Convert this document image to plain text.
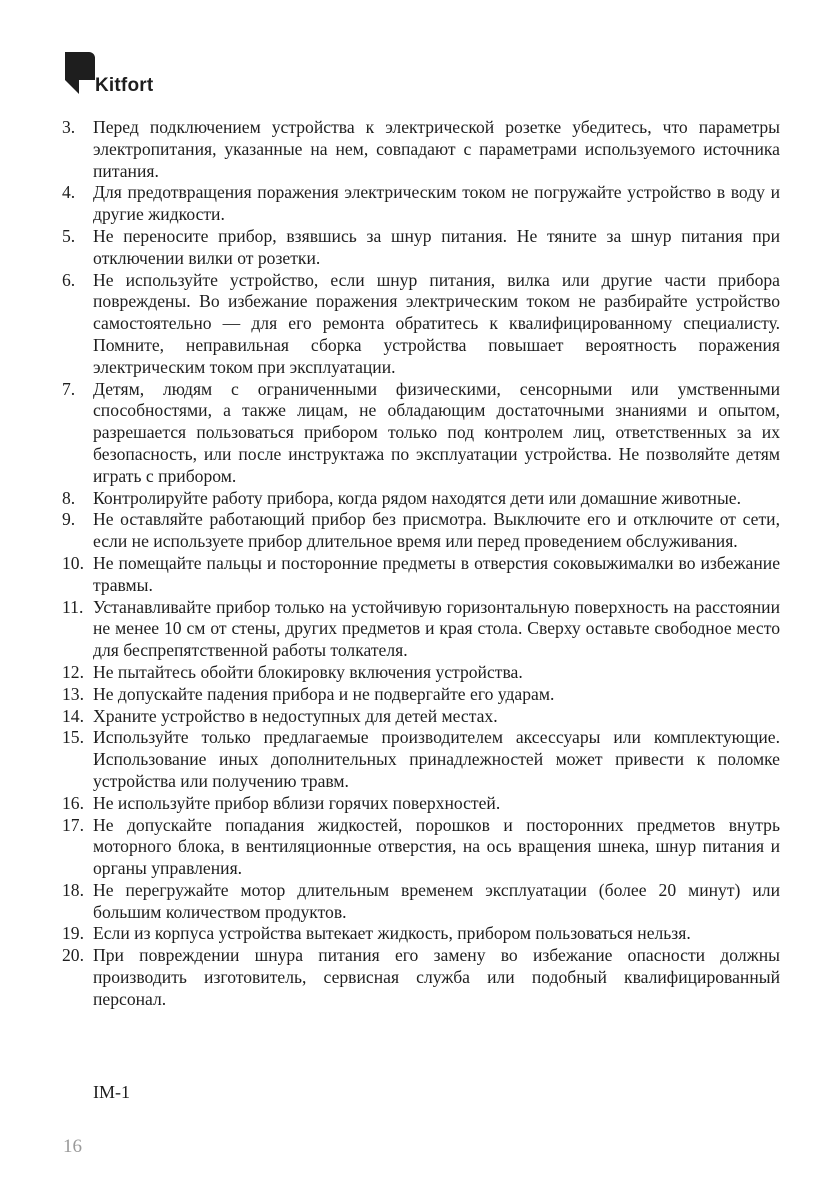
Kitfort
3.	Перед подключением устройства к электрической розетке убедитесь, что параметры электропитания, указанные на нем, совпадают с параметрами используемого источника питания.
4.	Для предотвращения поражения электрическим током не погружайте устройство в воду и другие жидкости.
5.	Не переносите прибор, взявшись за шнур питания. Не тяните за шнур питания при отключении вилки от розетки.
6.	Не используйте устройство, если шнур питания, вилка или другие части прибора повреждены. Во избежание поражения электрическим током не разбирайте устройство самостоятельно — для его ремонта обратитесь к квалифицированному специалисту. Помните, неправильная сборка устройства повышает вероятность поражения электрическим током при эксплуатации.
7.	Детям, людям с ограниченными физическими, сенсорными или умственными способностями, а также лицам, не обладающим достаточными знаниями и опытом, разрешается пользоваться прибором только под контролем лиц, ответственных за их безопасность, или после инструктажа по эксплуатации устройства. Не позволяйте детям играть с прибором.
8.	Контролируйте работу прибора, когда рядом находятся дети или домашние животные.
9.	Не оставляйте работающий прибор без присмотра. Выключите его и отключите от сети, если не используете прибор длительное время или перед проведением обслуживания.
10. Не помещайте пальцы и посторонние предметы в отверстия соковыжималки во избежание травмы.
11. Устанавливайте прибор только на устойчивую горизонтальную поверхность на расстоянии не менее 10 см от стены, других предметов и края стола. Сверху оставьте свободное место для беспрепятственной работы толкателя.
12. Не пытайтесь обойти блокировку включения устройства.
13. Не допускайте падения прибора и не подвергайте его ударам.
14. Храните устройство в недоступных для детей местах.
15. Используйте только предлагаемые производителем аксессуары или комплектующие. Использование иных дополнительных принадлежностей может привести к поломке устройства или получению травм.
16. Не используйте прибор вблизи горячих поверхностей.
17. Не допускайте попадания жидкостей, порошков и посторонних предметов внутрь моторного блока, в вентиляционные отверстия, на ось вращения шнека, шнур питания и органы управления.
18. Не перегружайте мотор длительным временем эксплуатации (более 20 минут) или большим количеством продуктов.
19. Если из корпуса устройства вытекает жидкость, прибором пользоваться нельзя.
20. При повреждении шнура питания его замену во избежание опасности должны производить изготовитель, сервисная служба или подобный квалифицированный персонал.
IM-1
16
